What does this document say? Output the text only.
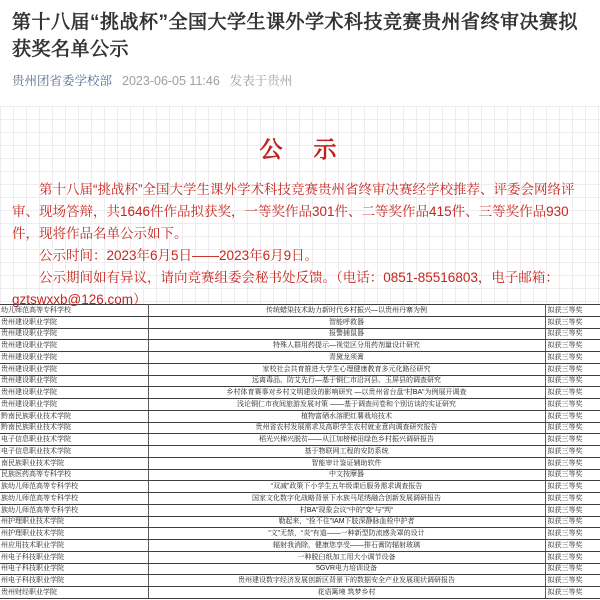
第十八届“挑战杯”全国大学生课外学术科技竞赛贵州省终审决赛拟获奖名单公示
贵州团省委学校部 2023-06-05 11:46 发表于贵州
公　示

第十八届“挑战杯”全国大学生课外学术科技竞赛贵州省终审决赛经学校推荐、评委会网络评审、现场答辩，共1646件作品拟获奖，一等奖作品301件、二等奖作品415件、三等奖作品930件，现将作品名单公示如下。

公示时间：2023年6月5日——2023年6月9日。

公示期间如有异议，请向竞赛组委会秘书处反馈。（电话：0851-85516803，电子邮箱：gztswxxb@126.com）

幼儿师范高等专科学校	传统蜡染技术助力新时代乡村振兴—以贵州丹寨为例	拟获三等奖
贵州建设职业学院	智能呼救器	拟获三等奖
贵州建设职业学院	报警捕鼠器	拟获三等奖
贵州建设职业学院	特殊人群用药提示—视觉区分用药剂量设计研究	拟获三等奖
贵州建设职业学院	青黛龙须膏	拟获三等奖
贵州建设职业学院	家校社会共育推进大学生心理健康教育多元化路径研究	拟获三等奖
贵州建设职业学院	远离毒品、防艾先行—基于铜仁市沿河县、玉屏县的调查研究	拟获三等奖
贵州建设职业学院	乡村体育赛事对乡村文明建设的影响研究 —以贵州省台盘“村BA”为例展开调查	拟获三等奖
贵州建设职业学院	浅论铜仁市夜间旅游发展对策 ——基于调查问卷和个别访谈的实证研究	拟获三等奖
黔南民族职业技术学院	植物富硒水溶肥红薯栽培技术	拟获三等奖
黔南民族职业技术学院	贵州省农村发展需求及高职学生农村就业意向调查研究报告	拟获三等奖
电子信息职业技术学院	稻光兴梯兴脱贫——从江加榜梯田绿色乡村振兴调研报告	拟获三等奖
电子信息职业技术学院	基于物联网工程的安防系统	拟获三等奖
南民族职业技术学院	智能审计鉴证辅助软件	拟获三等奖
民族医药高等专科学校	中文按摩器	拟获三等奖
族幼儿师范高等专科学校	“双减”政策下小学生五年级课后服务需求调查报告	拟获三等奖
族幼儿师范高等专科学校	国家文化数字化战略背景下水族马尾绣融合创新发展调研报告	拟获三等奖
族幼儿师范高等专科学校	村BA”现象会议“中的”变“与”判“	拟获三等奖
州护理职业技术学院	勒起来，“拴不住”IAM下肢深静脉血栓中护者	拟获三等奖
州护理职业技术学院	“文”无禁，“炎”有道——一种新型防流感灸罩的设计	拟获三等奖
州应用技术职业学院	辐射我消除，健康您享受——排石膏防辐射玻璃	拟获三等奖
州电子科技职业学院	一种脱臼纸加工用大小调节设备	拟获三等奖
州电子科技职业学院	5GVR电力培训设备	拟获三等奖
州电子科技职业学院	贵州建设数字经济发展创新区背景下的数据安全产业发展现状调研报告	拟获三等奖
贵州财经职业学院	花语篱境 筑梦乡村	拟获三等奖
